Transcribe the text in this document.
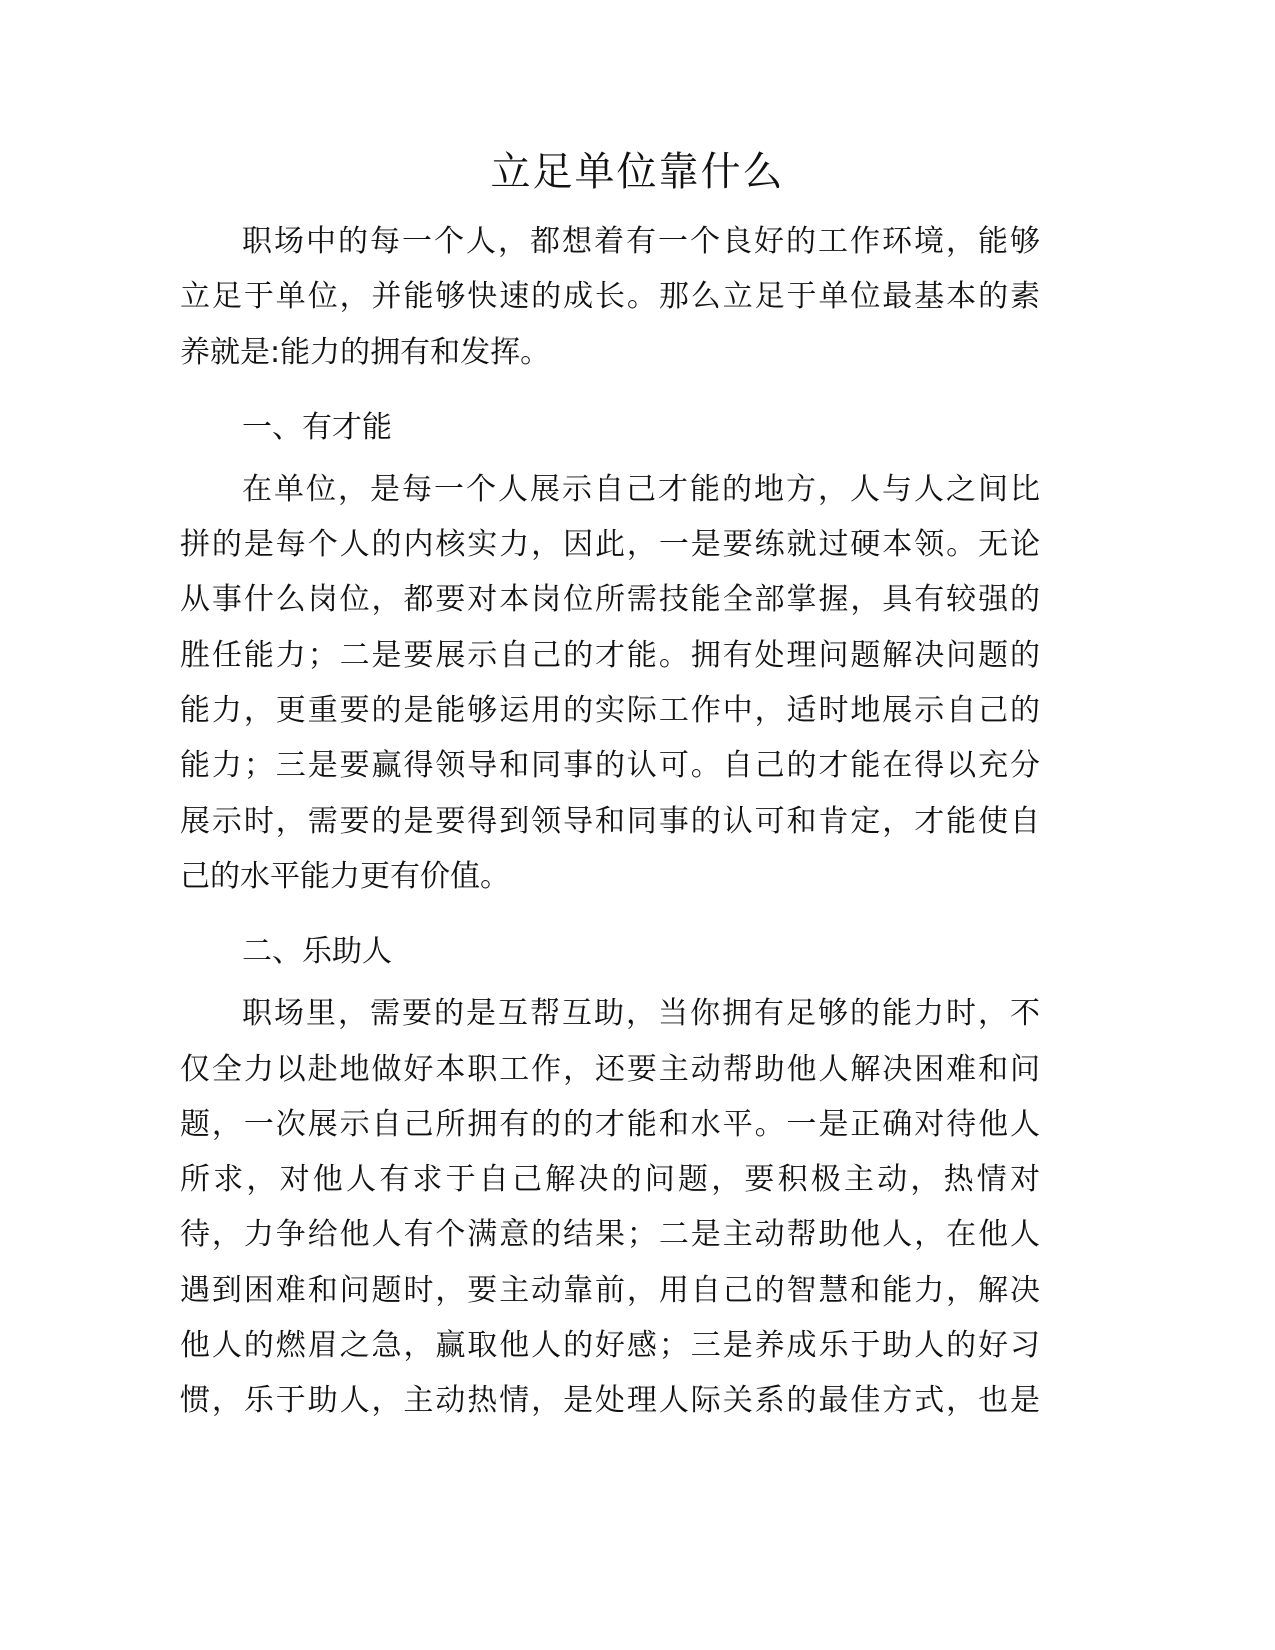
立足单位靠什么
职场中的每一个人，都想着有一个良好的工作环境，能够
立足于单位，并能够快速的成长。那么立足于单位最基本的素
养就是:能力的拥有和发挥。
一、有才能
在单位，是每一个人展示自己才能的地方，人与人之间比
拼的是每个人的内核实力，因此，一是要练就过硬本领。无论
从事什么岗位，都要对本岗位所需技能全部掌握，具有较强的
胜任能力；二是要展示自己的才能。拥有处理问题解决问题的
能力，更重要的是能够运用的实际工作中，适时地展示自己的
能力；三是要赢得领导和同事的认可。自己的才能在得以充分
展示时，需要的是要得到领导和同事的认可和肯定，才能使自
己的水平能力更有价值。
二、乐助人
职场里，需要的是互帮互助，当你拥有足够的能力时，不
仅全力以赴地做好本职工作，还要主动帮助他人解决困难和问
题，一次展示自己所拥有的的才能和水平。一是正确对待他人
所求，对他人有求于自己解决的问题，要积极主动，热情对
待，力争给他人有个满意的结果；二是主动帮助他人，在他人
遇到困难和问题时，要主动靠前，用自己的智慧和能力，解决
他人的燃眉之急，赢取他人的好感；三是养成乐于助人的好习
惯，乐于助人，主动热情，是处理人际关系的最佳方式，也是
